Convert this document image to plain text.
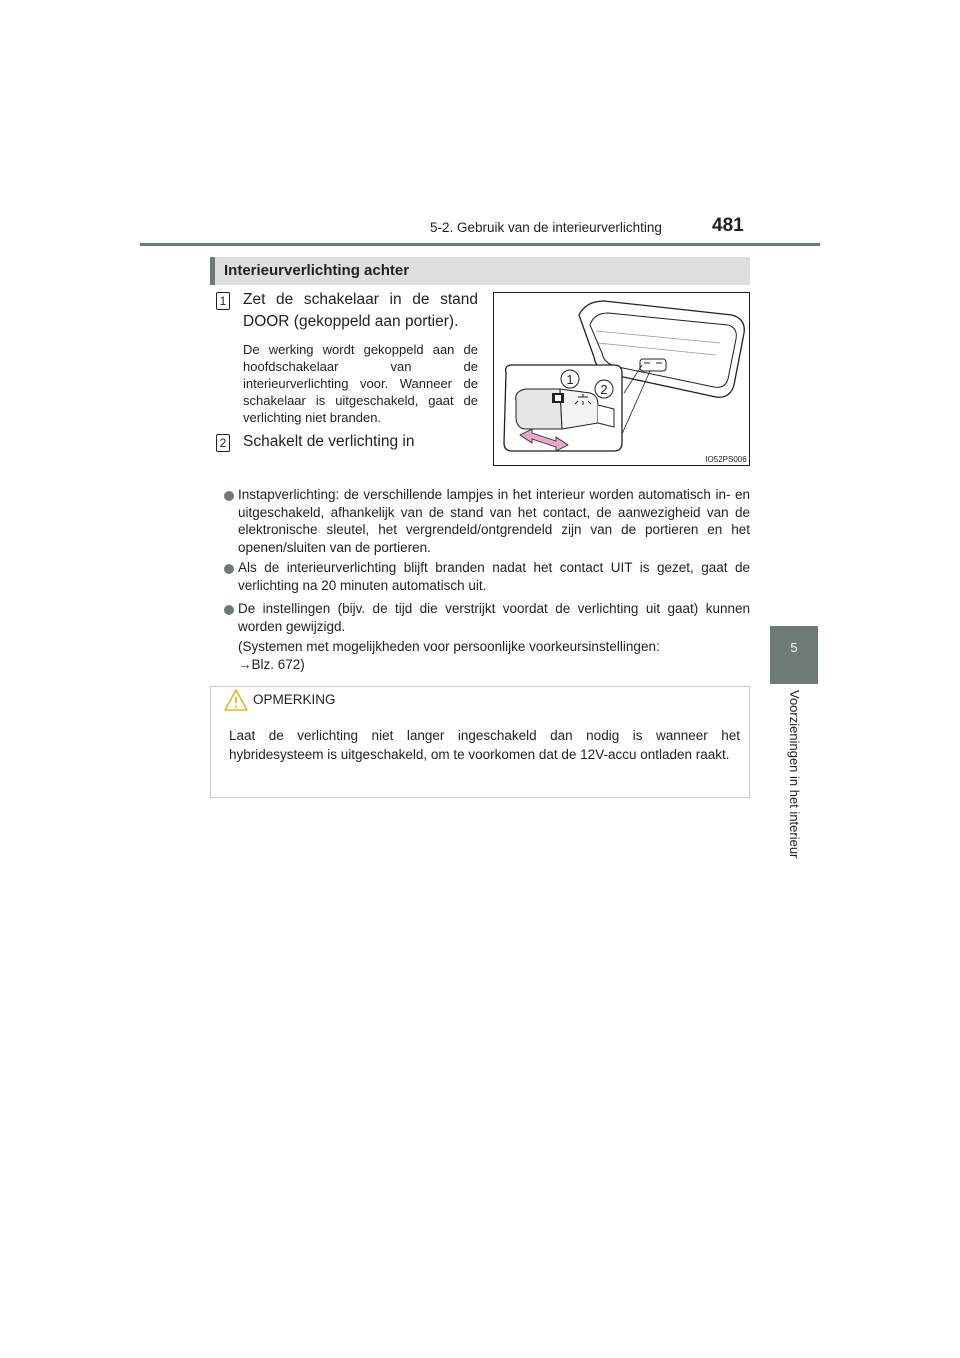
5-2. Gebruik van de interieurverlichting	481
5
Voorzieningen in het interieur
Interieurverlichting achter
1 Zet de schakelaar in de stand DOOR (gekoppeld aan portier).
De werking wordt gekoppeld aan de hoofdschakelaar van de interieurverlichting voor. Wanneer de schakelaar is uitgeschakeld, gaat de verlichting niet branden.
2 Schakelt de verlichting in
1
2
IO52PS006
Instapverlichting: de verschillende lampjes in het interieur worden automatisch in- en uitgeschakeld, afhankelijk van de stand van het contact, de aanwezigheid van de elektronische sleutel, het vergrendeld/ontgrendeld zijn van de portieren en het openen/sluiten van de portieren.
Als de interieurverlichting blijft branden nadat het contact UIT is gezet, gaat de verlichting na 20 minuten automatisch uit.
De instellingen (bijv. de tijd die verstrijkt voordat de verlichting uit gaat) kunnen worden gewijzigd.
(Systemen met mogelijkheden voor persoonlijke voorkeursinstellingen:
→Blz. 672)
OPMERKING
Laat de verlichting niet langer ingeschakeld dan nodig is wanneer het hybridesysteem is uitgeschakeld, om te voorkomen dat de 12V-accu ontladen raakt.
